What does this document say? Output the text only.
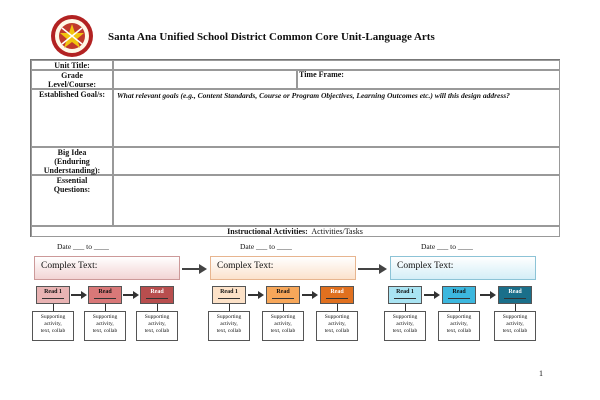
Santa Ana Unified School District Common Core Unit-Language Arts
Unit Title:
Grade
Level/Course:
Time Frame:
Established Goal/s:	What relevant goals (e.g., Content Standards, Course or Program Objectives, Learning Outcomes etc.) will this design address?
Big Idea
(Enduring
Understanding):
Essential
Questions:
Instructional Activities: Activities/Tasks
Date ___ to ____	Date ___ to ____	Date ___ to ____
Complex Text:	Complex Text:	Complex Text:
Read 1	Read	Read	Read 1	Read	Read	Read 1	Read	Read
Supporting
activity,
text, collab
Supporting
activity,
text, collab
Supporting
activity,
text, collab
Supporting
activity,
text, collab
Supporting
activity,
text, collab
Supporting
activity,
text, collab
Supporting
activity,
text, collab
Supporting
activity,
text, collab
Supporting
activity,
text, collab
1
